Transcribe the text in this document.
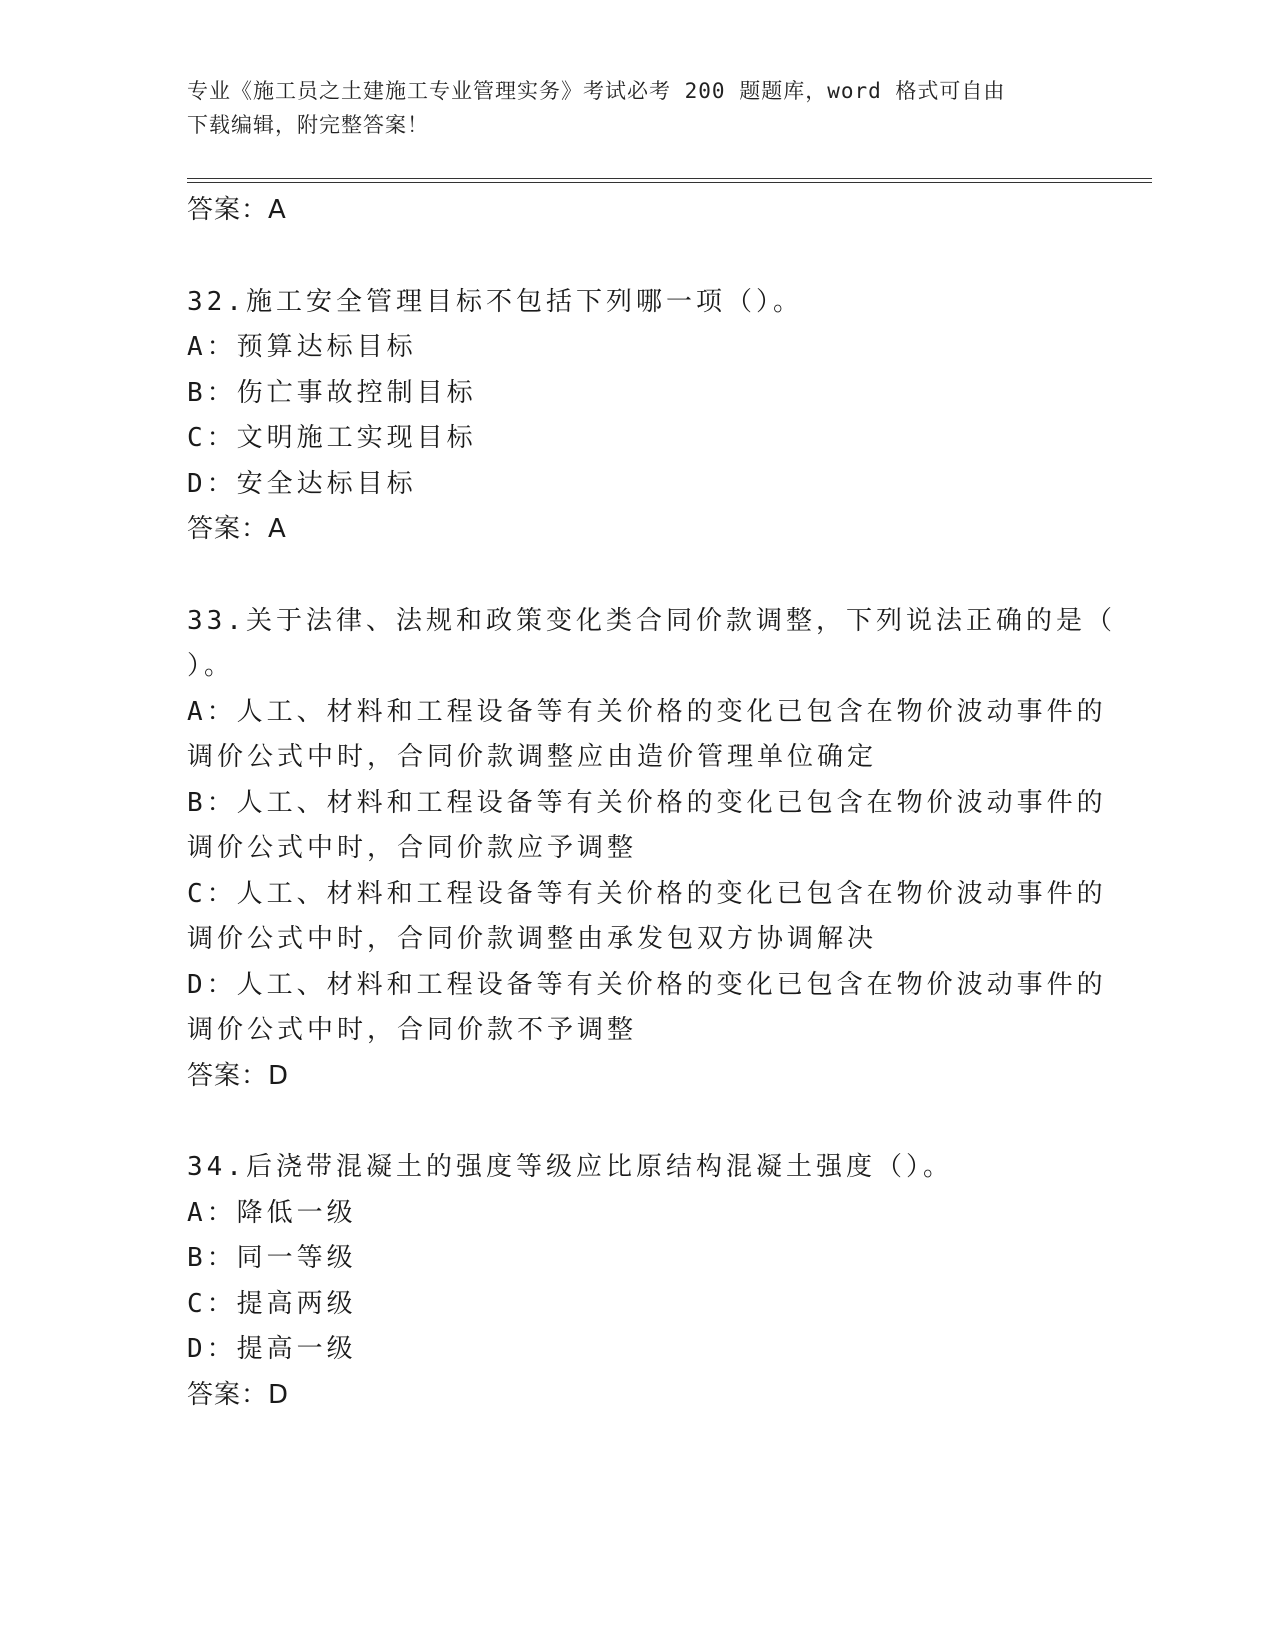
专业《施工员之土建施工专业管理实务》考试必考 200 题题库，word 格式可自由
下载编辑，附完整答案！
答案：A
32.施工安全管理目标不包括下列哪一项（）。
A：预算达标目标
B：伤亡事故控制目标
C：文明施工实现目标
D：安全达标目标
答案：A
33.关于法律、法规和政策变化类合同价款调整，下列说法正确的是（
）。
A：人工、材料和工程设备等有关价格的变化已包含在物价波动事件的
调价公式中时，合同价款调整应由造价管理单位确定
B：人工、材料和工程设备等有关价格的变化已包含在物价波动事件的
调价公式中时，合同价款应予调整
C：人工、材料和工程设备等有关价格的变化已包含在物价波动事件的
调价公式中时，合同价款调整由承发包双方协调解决
D：人工、材料和工程设备等有关价格的变化已包含在物价波动事件的
调价公式中时，合同价款不予调整
答案：D
34.后浇带混凝土的强度等级应比原结构混凝土强度（）。
A：降低一级
B：同一等级
C：提高两级
D：提高一级
答案：D
